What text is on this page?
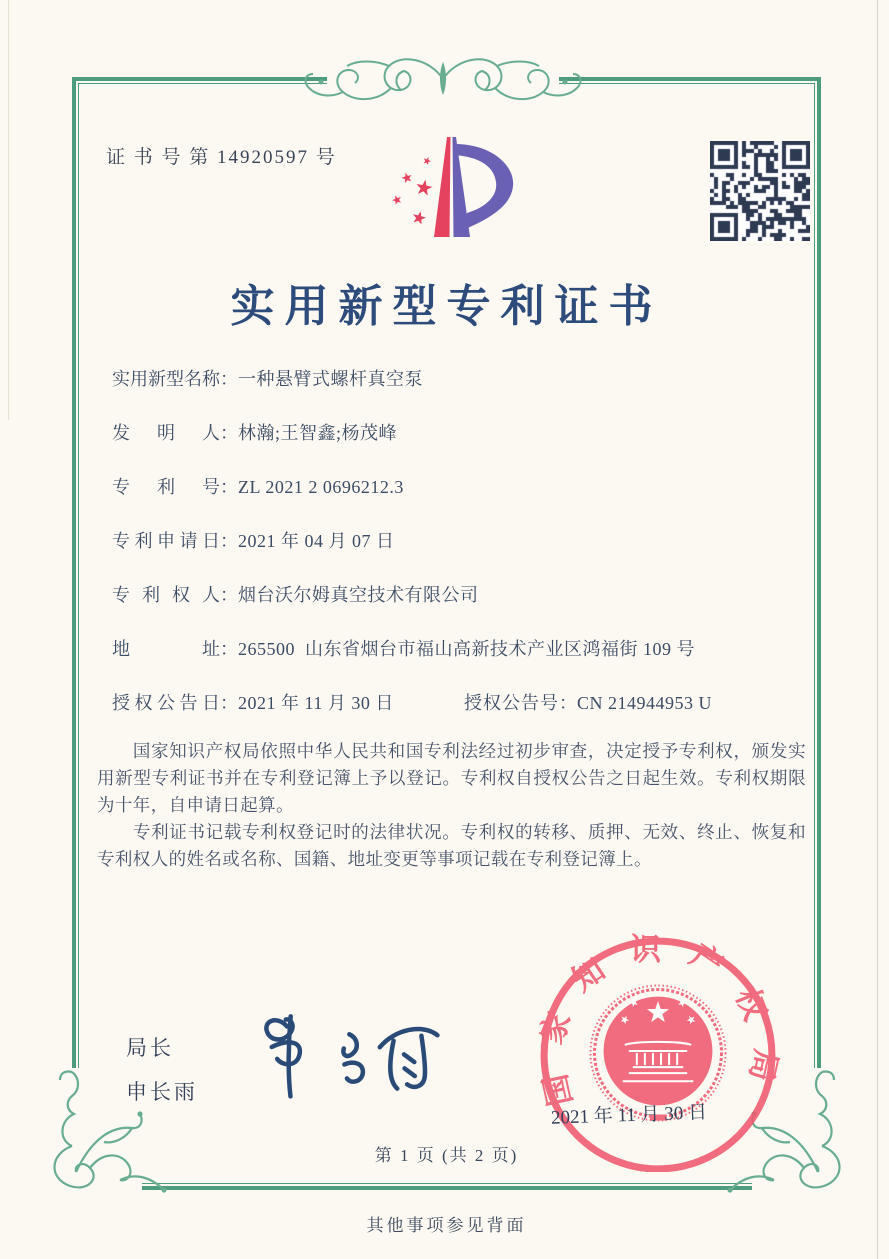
证 书 号 第 14920597 号
实用新型专利证书
实用新型名称：一种悬臂式螺杆真空泵
发明人：林瀚;王智鑫;杨茂峰
专利号：ZL 2021 2 0696212.3
专利申请日：2021 年 04 月 07 日
专利权人：烟台沃尔姆真空技术有限公司
地址：265500  山东省烟台市福山高新技术产业区鸿福街 109 号
授权公告日：2021 年 11 月 30 日	授权公告号：CN 214944953 U

国家知识产权局依照中华人民共和国专利法经过初步审查，决定授予专利权，颁发实用新型专利证书并在专利登记簿上予以登记。专利权自授权公告之日起生效。专利权期限为十年，自申请日起算。

专利证书记载专利权登记时的法律状况。专利权的转移、质押、无效、终止、恢复和专利权人的姓名或名称、国籍、地址变更等事项记载在专利登记簿上。

局长
申长雨	国家知识产权局
2021 年 11 月 30 日
第 1 页 (共 2 页)
其他事项参见背面
